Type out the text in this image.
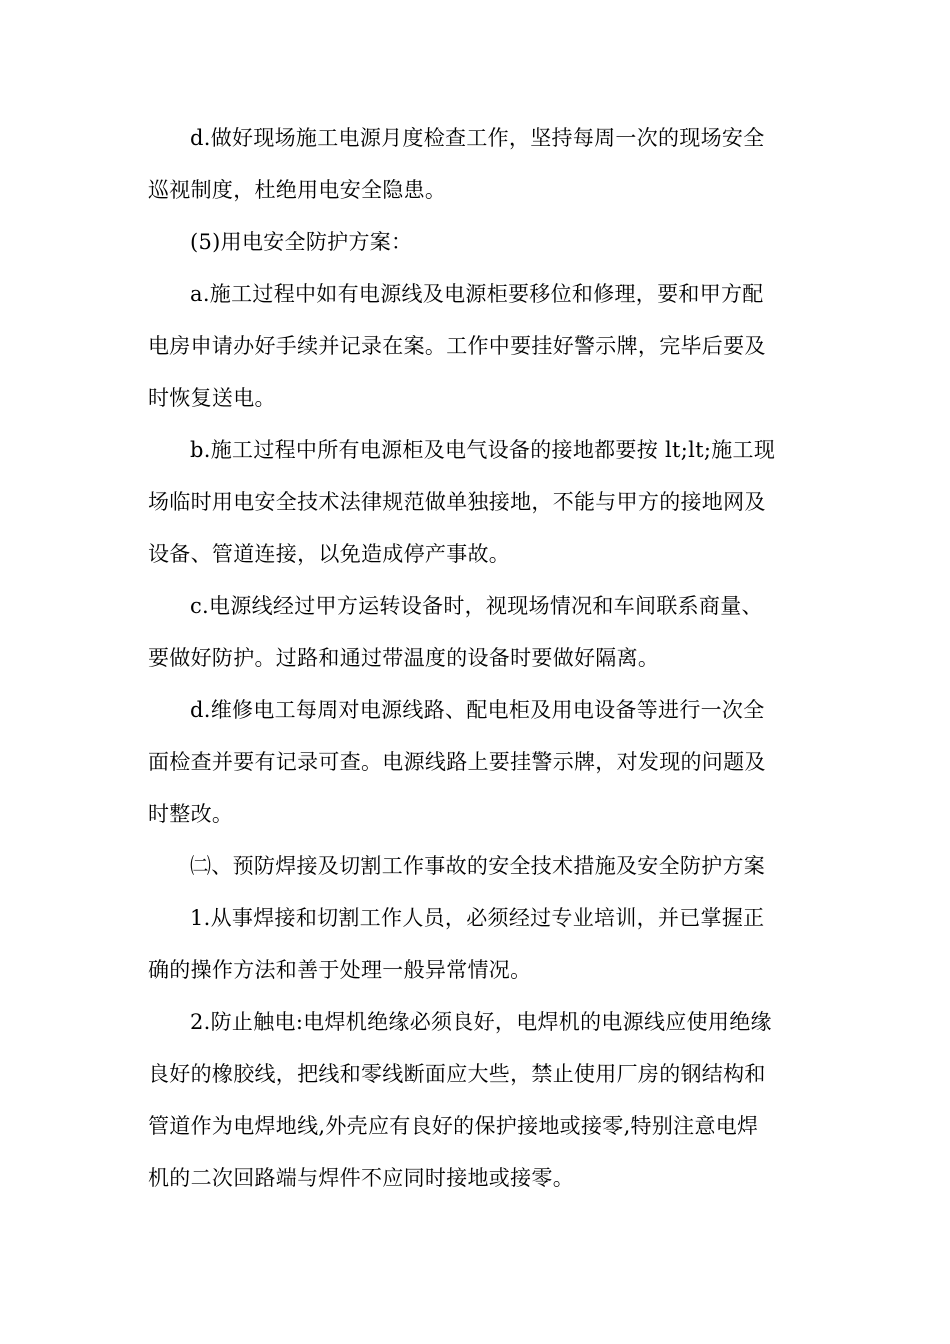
d.做好现场施工电源月度检查工作，坚持每周一次的现场安全
巡视制度，杜绝用电安全隐患。
(5)用电安全防护方案：
a.施工过程中如有电源线及电源柜要移位和修理，要和甲方配
电房申请办好手续并记录在案。工作中要挂好警示牌，完毕后要及
时恢复送电。
b.施工过程中所有电源柜及电气设备的接地都要按 lt;lt;施工现
场临时用电安全技术法律规范做单独接地，不能与甲方的接地网及
设备、管道连接，以免造成停产事故。
c.电源线经过甲方运转设备时，视现场情况和车间联系商量、
要做好防护。过路和通过带温度的设备时要做好隔离。
d.维修电工每周对电源线路、配电柜及用电设备等进行一次全
面检查并要有记录可查。电源线路上要挂警示牌，对发现的问题及
时整改。
㈡、预防焊接及切割工作事故的安全技术措施及安全防护方案
1.从事焊接和切割工作人员，必须经过专业培训，并已掌握正
确的操作方法和善于处理一般异常情况。
2.防止触电:电焊机绝缘必须良好，电焊机的电源线应使用绝缘
良好的橡胶线，把线和零线断面应大些，禁止使用厂房的钢结构和
管道作为电焊地线,外壳应有良好的保护接地或接零,特别注意电焊
机的二次回路端与焊件不应同时接地或接零。
